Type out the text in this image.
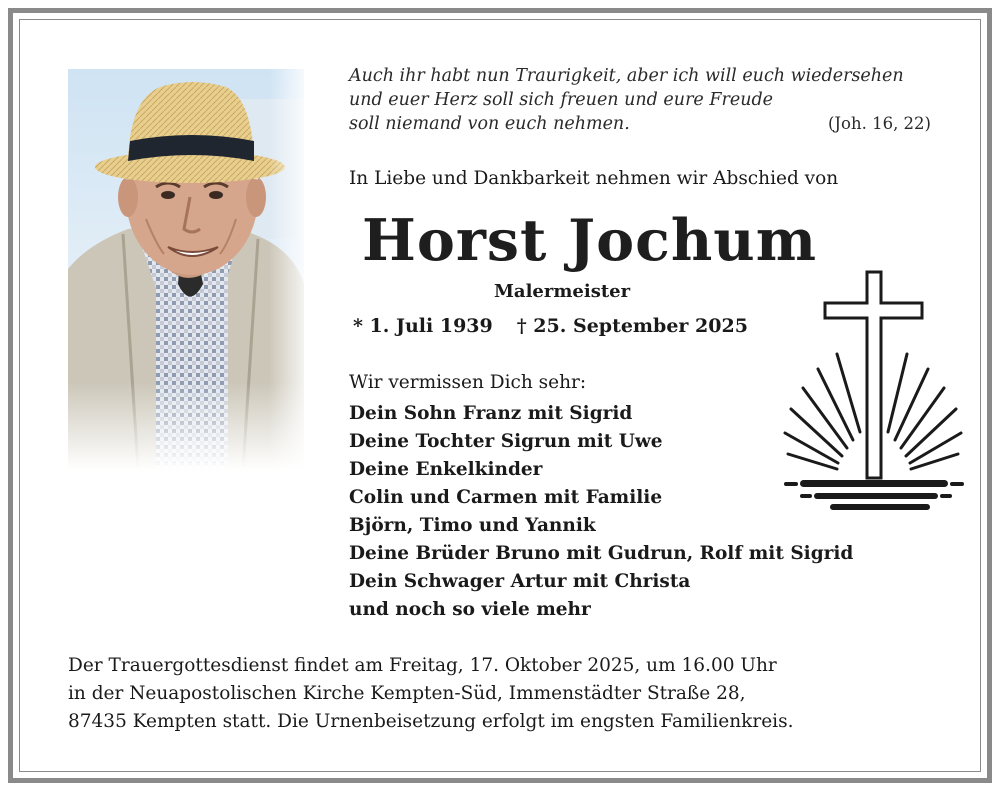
Auch ihr habt nun Traurigkeit, aber ich will euch wiedersehen
und euer Herz soll sich freuen und eure Freude
soll niemand von euch nehmen.	(Joh. 16, 22)
In Liebe und Dankbarkeit nehmen wir Abschied von
Horst Jochum
Malermeister
* 1. Juli 1939 † 25. September 2025
Wir vermissen Dich sehr:
Dein Sohn Franz mit Sigrid
Deine Tochter Sigrun mit Uwe
Deine Enkelkinder
Colin und Carmen mit Familie
Björn, Timo und Yannik
Deine Brüder Bruno mit Gudrun, Rolf mit Sigrid
Dein Schwager Artur mit Christa
und noch so viele mehr
Der Trauergottesdienst findet am Freitag, 17. Oktober 2025, um 16.00 Uhr
in der Neuapostolischen Kirche Kempten-Süd, Immenstädter Straße 28,
87435 Kempten statt. Die Urnenbeisetzung erfolgt im engsten Familienkreis.
